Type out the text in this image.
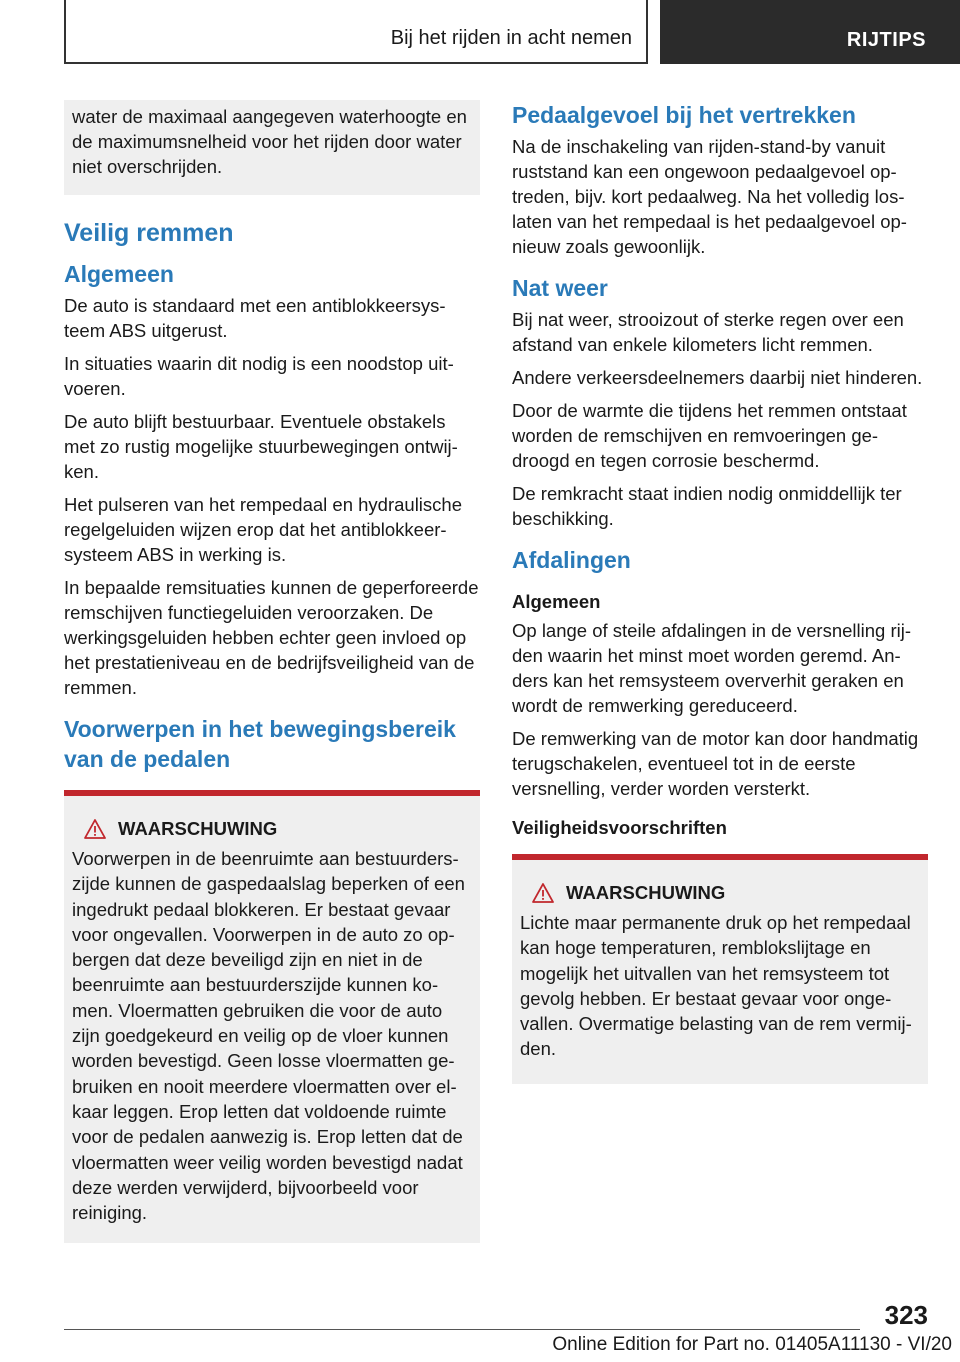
Bij het rijden in acht nemen	RIJTIPS

water de maximaal aangegeven waterhoogte en de maximumsnelheid voor het rijden door water niet overschrijden.

Veilig remmen
Algemeen

De auto is standaard met een antiblokkeersysteem ABS uitgerust.

In situaties waarin dit nodig is een noodstop uitvoeren.

De auto blijft bestuurbaar. Eventuele obstakels met zo rustig mogelijke stuurbewegingen ontwijken.

Het pulseren van het rempedaal en hydraulische regelgeluiden wijzen erop dat het antiblokkeersysteem ABS in werking is.

In bepaalde remsituaties kunnen de geperforeerde remschijven functiegeluiden veroorzaken. De werkingsgeluiden hebben echter geen invloed op het prestatieniveau en de bedrijfsveiligheid van de remmen.

Voorwerpen in het bewegingsbereik van de pedalen
WAARSCHUWING

Voorwerpen in de beenruimte aan bestuurderszijde kunnen de gaspedaalslag beperken of een ingedrukt pedaal blokkeren. Er bestaat gevaar voor ongevallen. Voorwerpen in de auto zo opbergen dat deze beveiligd zijn en niet in de beenruimte aan bestuurderszijde kunnen komen. Vloermatten gebruiken die voor de auto zijn goedgekeurd en veilig op de vloer kunnen worden bevestigd. Geen losse vloermatten gebruiken en nooit meerdere vloermatten over elkaar leggen. Erop letten dat voldoende ruimte voor de pedalen aanwezig is. Erop letten dat de vloermatten weer veilig worden bevestigd nadat deze werden verwijderd, bijvoorbeeld voor reiniging.

Pedaalgevoel bij het vertrekken

Na de inschakeling van rijden-stand-by vanuit ruststand kan een ongewoon pedaalgevoel optreden, bijv. kort pedaalweg. Na het volledig loslaten van het rempedaal is het pedaalgevoel opnieuw zoals gewoonlijk.

Nat weer

Bij nat weer, strooizout of sterke regen over een afstand van enkele kilometers licht remmen.

Andere verkeersdeelnemers daarbij niet hinderen.

Door de warmte die tijdens het remmen ontstaat worden de remschijven en remvoeringen gedroogd en tegen corrosie beschermd.

De remkracht staat indien nodig onmiddellijk ter beschikking.

Afdalingen
Algemeen

Op lange of steile afdalingen in de versnelling rijden waarin het minst moet worden geremd. Anders kan het remsysteem oververhit geraken en wordt de remwerking gereduceerd.

De remwerking van de motor kan door handmatig terugschakelen, eventueel tot in de eerste versnelling, verder worden versterkt.

Veiligheidsvoorschriften
WAARSCHUWING

Lichte maar permanente druk op het rempedaal kan hoge temperaturen, remblokslijtage en mogelijk het uitvallen van het remsysteem tot gevolg hebben. Er bestaat gevaar voor ongevallen. Overmatige belasting van de rem vermijden.

323
Online Edition for Part no. 01405A11130 - VI/20
